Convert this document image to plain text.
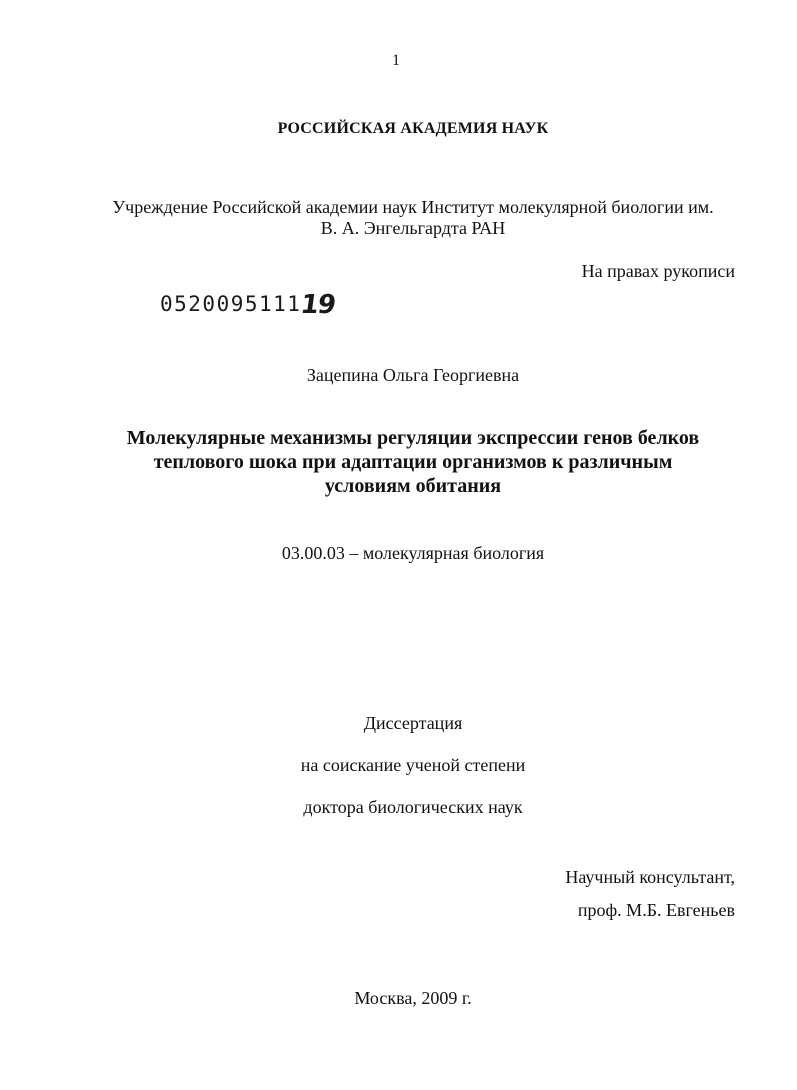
1
РОССИЙСКАЯ АКАДЕМИЯ НАУК
Учреждение Российской академии наук Институт молекулярной биологии им.
В. А. Энгельгардта РАН
На правах рукописи
052009511119
Зацепина Ольга Георгиевна
Молекулярные механизмы регуляции экспрессии генов белков
теплового шока при адаптации организмов к различным
условиям обитания
03.00.03 – молекулярная биология
Диссертация
на соискание ученой степени
доктора биологических наук
Научный консультант,
проф. М.Б. Евгеньев
Москва, 2009 г.
